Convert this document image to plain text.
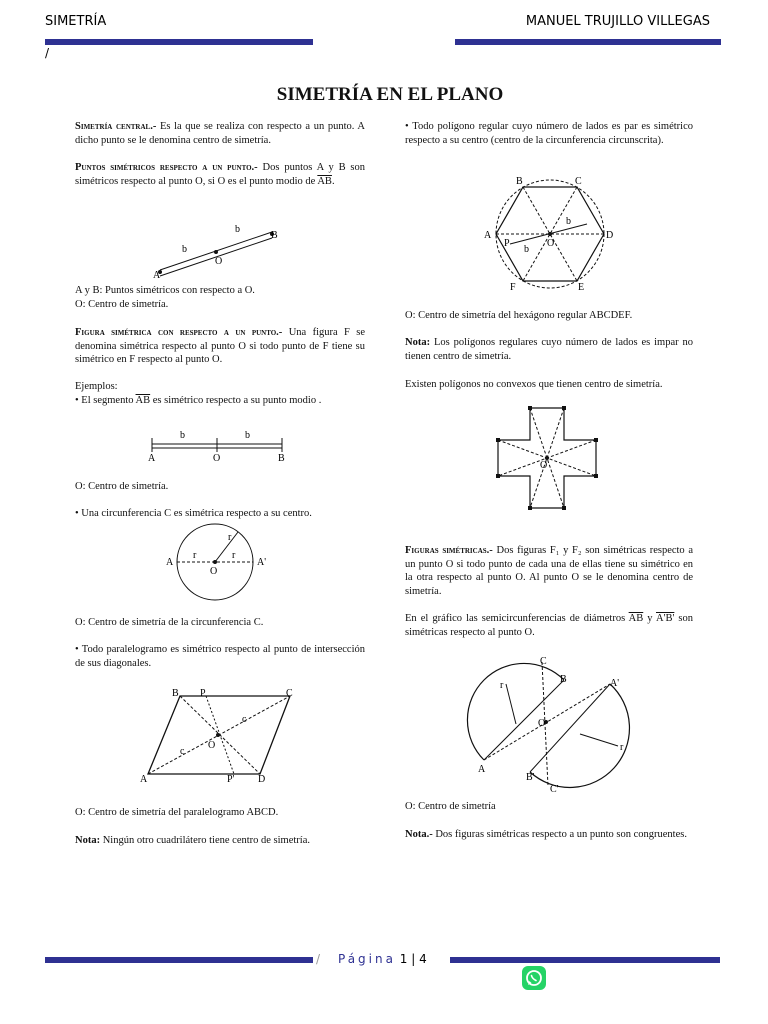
SIMETRÍA	MANUEL TRUJILLO VILLEGAS
/
SIMETRÍA EN EL PLANO
Simetría central.- Es la que se realiza con respecto a un punto. A dicho punto se le denomina centro de simetría.
Puntos simétricos respecto a un punto.- Dos puntos A y B son simétricos respecto al punto O, si O es el punto modio de $\overline{AB}$.
A
O
B
b
b
A y B: Puntos simétricos con respecto a O.
O: Centro de simetría.
Figura simétrica con respecto a un punto.- Una figura F se denomina simétrica respecto al punto O si todo punto de F tiene su simétrico en F respecto al punto O.
Ejemplos:
• El segmento $\overline{AB}$ es simétrico respecto a su punto modio .
b	b
A	O	B
O: Centro de simetría.
• Una circunferencia C es simétrica respecto a su centro.
A	A'
O
r	r
r
O: Centro de simetría de la circunferencia C.
• Todo paralelogramo es simétrico respecto al punto de intersección de sus diagonales.
B P	C
A	P' D
O
c
c
O: Centro de simetría del paralelogramo ABCD.
Nota: Ningún otro cuadrilátero tiene centro de simetría.
• Todo polígono regular cuyo número de lados es par es simétrico respecto a su centro (centro de la circunferencia circunscrita).
B	C
A	D
F	E
O
P
b
b
O: Centro de simetría del hexágono regular ABCDEF.
Nota: Los polígonos regulares cuyo número de lados es impar no tienen centro de simetría.
Existen polígonos no convexos que tienen centro de simetría.
O
Figuras simétricas.- Dos figuras F₁ y F₂ son simétricas respecto a un punto O si todo punto de cada una de ellas tiene su simétrico en la otra respecto al punto O. Al punto O se le denomina centro de simetría.
En el gráfico las semicircunferencias de diámetros $\overline{AB}$ y A'B' son simétricas respecto al punto O.
C
B	A'
A
B'
C'
O
r
r
O: Centro de simetría
Nota.- Dos figuras simétricas respecto a un punto son congruentes.
/ Página 1 | 4
